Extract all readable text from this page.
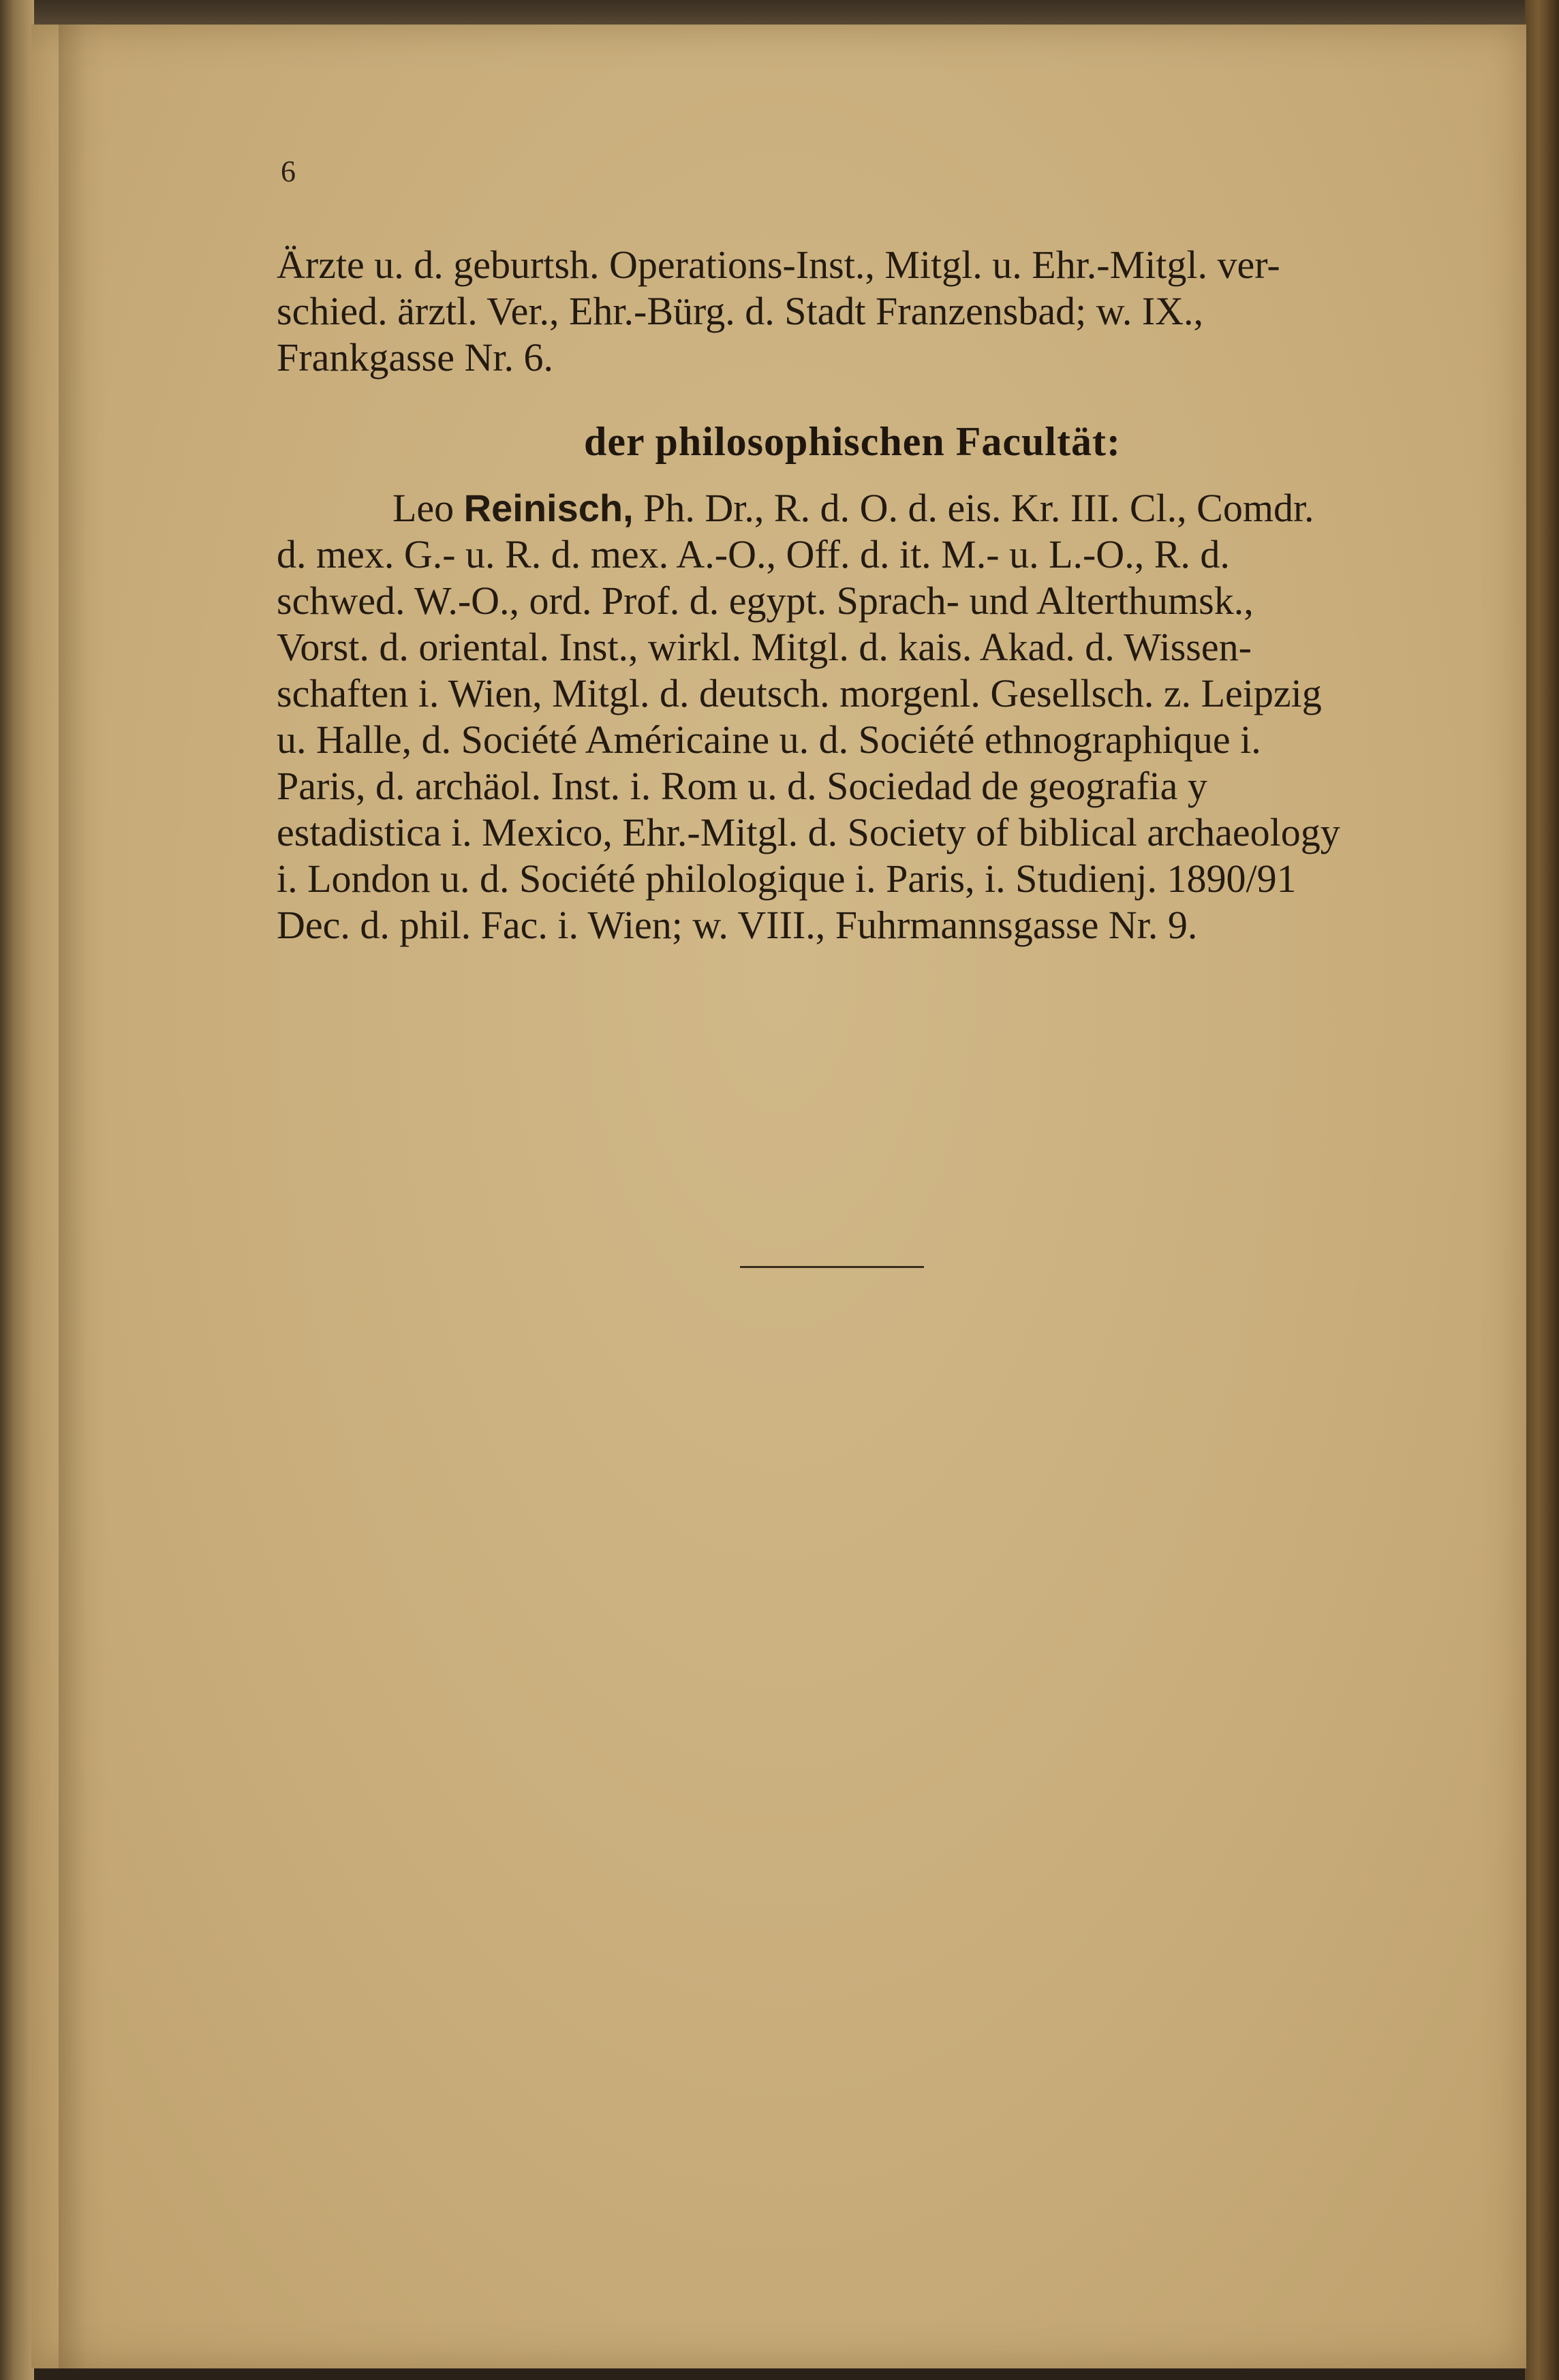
6
Ärzte u. d. geburtsh. Operations-Inst., Mitgl. u. Ehr.-Mitgl. ver-
schied. ärztl. Ver., Ehr.-Bürg. d. Stadt Franzensbad; w. IX.,
Frankgasse Nr. 6.
der philosophischen Facultät:
Leo Reinisch, Ph. Dr., R. d. O. d. eis. Kr. III. Cl., Comdr.
d. mex. G.- u. R. d. mex. A.-O., Off. d. it. M.- u. L.-O., R. d.
schwed. W.-O., ord. Prof. d. egypt. Sprach- und Alterthumsk.,
Vorst. d. oriental. Inst., wirkl. Mitgl. d. kais. Akad. d. Wissen-
schaften i. Wien, Mitgl. d. deutsch. morgenl. Gesellsch. z. Leipzig
u. Halle, d. Société Américaine u. d. Société ethnographique i.
Paris, d. archäol. Inst. i. Rom u. d. Sociedad de geografia y
estadistica i. Mexico, Ehr.-Mitgl. d. Society of biblical archaeology
i. London u. d. Société philologique i. Paris, i. Studienj. 1890/91
Dec. d. phil. Fac. i. Wien; w. VIII., Fuhrmannsgasse Nr. 9.
